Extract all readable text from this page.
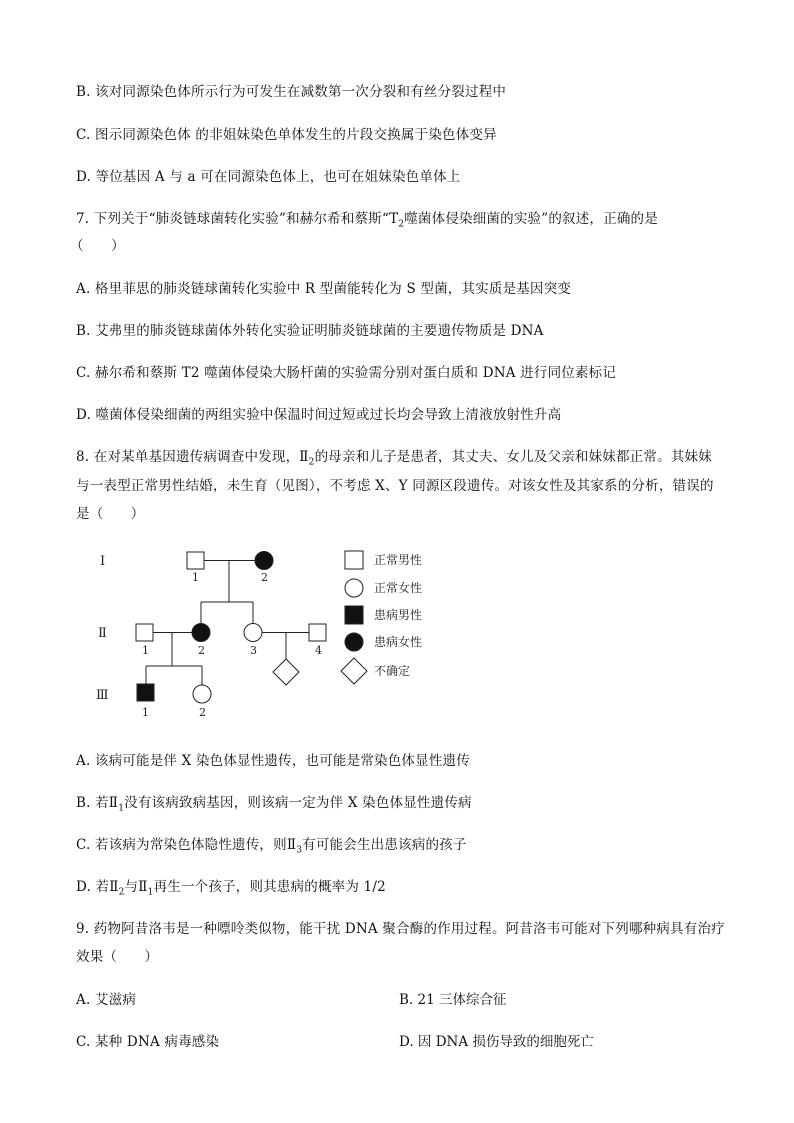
B. 该对同源染色体所示行为可发生在减数第一次分裂和有丝分裂过程中
C. 图示同源染色体 的非姐妹染色单体发生的片段交换属于染色体变异
D. 等位基因 A 与 a 可在同源染色体上，也可在姐妹染色单体上
7. 下列关于“肺炎链球菌转化实验”和赫尔希和蔡斯“$T_2$噬菌体侵染细菌的实验”的叙述，正确的是
（　　）
A. 格里菲思的肺炎链球菌转化实验中 R 型菌能转化为 S 型菌，其实质是基因突变
B. 艾弗里的肺炎链球菌体外转化实验证明肺炎链球菌的主要遗传物质是 DNA
C. 赫尔希和蔡斯 T2 噬菌体侵染大肠杆菌的实验需分别对蛋白质和 DNA 进行同位素标记
D. 噬菌体侵染细菌的两组实验中保温时间过短或过长均会导致上清液放射性升高
8. 在对某单基因遗传病调查中发现，$Ⅱ_2$的母亲和儿子是患者，其丈夫、女儿及父亲和妹妹都正常。其妹妹
与一表型正常男性结婚，未生育（见图），不考虑 X、Y 同源区段遗传。对该女性及其家系的分析，错误的
是（　　）
Ⅰ
Ⅱ
Ⅲ
1	2
1	2	3	4
1	2
正常男性
正常女性
患病男性
患病女性
不确定
A. 该病可能是伴 X 染色体显性遗传，也可能是常染色体显性遗传
B. 若$Ⅱ_1$没有该病致病基因，则该病一定为伴 X 染色体显性遗传病
C. 若该病为常染色体隐性遗传，则$Ⅱ_3$有可能会生出患该病的孩子
D. 若$Ⅱ_2$与$Ⅱ_1$再生一个孩子，则其患病的概率为 1/2
9. 药物阿昔洛韦是一种嘌呤类似物，能干扰 DNA 聚合酶的作用过程。阿昔洛韦可能对下列哪种病具有治疗
效果（　　）
A. 艾滋病	B. 21 三体综合征
C. 某种 DNA 病毒感染	D. 因 DNA 损伤导致的细胞死亡
